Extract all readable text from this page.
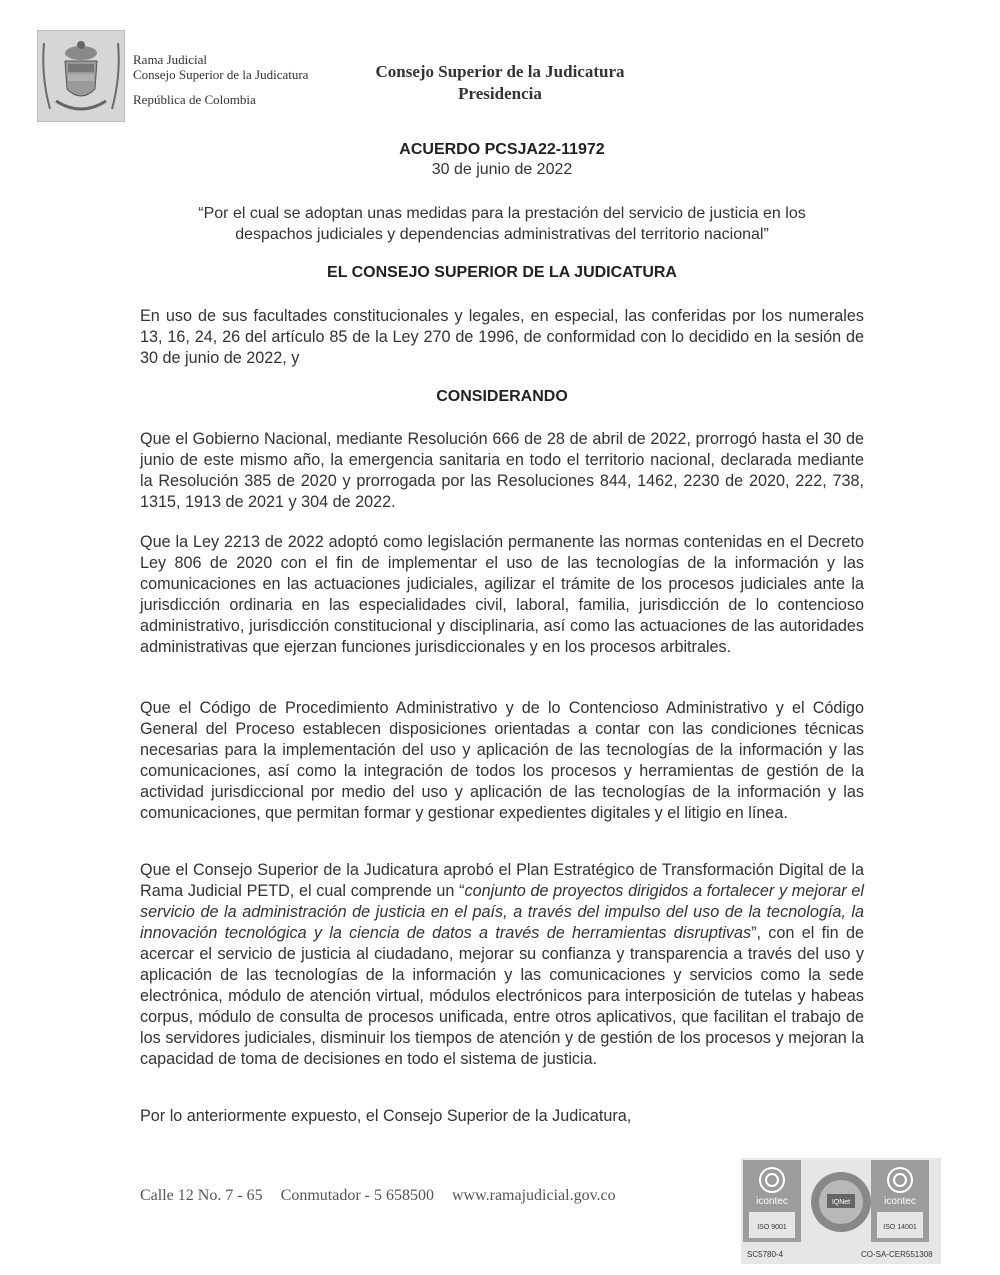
Rama Judicial
Consejo Superior de la Judicatura
República de Colombia
Consejo Superior de la Judicatura
Presidencia
ACUERDO PCSJA22-11972
30 de junio de 2022
“Por el cual se adoptan unas medidas para la prestación del servicio de justicia en los
despachos judiciales y dependencias administrativas del territorio nacional”
EL CONSEJO SUPERIOR DE LA JUDICATURA
En uso de sus facultades constitucionales y legales, en especial, las conferidas por los numerales 13, 16, 24, 26 del artículo 85 de la Ley 270 de 1996, de conformidad con lo decidido en la sesión de 30 de junio de 2022, y
CONSIDERANDO
Que el Gobierno Nacional, mediante Resolución 666 de 28 de abril de 2022, prorrogó hasta el 30 de junio de este mismo año, la emergencia sanitaria en todo el territorio nacional, declarada mediante la Resolución 385 de 2020 y prorrogada por las Resoluciones 844, 1462, 2230 de 2020, 222, 738, 1315, 1913 de 2021 y 304 de 2022.
Que la Ley 2213 de 2022 adoptó como legislación permanente las normas contenidas en el Decreto Ley 806 de 2020 con el fin de implementar el uso de las tecnologías de la información y las comunicaciones en las actuaciones judiciales, agilizar el trámite de los procesos judiciales ante la jurisdicción ordinaria en las especialidades civil, laboral, familia, jurisdicción de lo contencioso administrativo, jurisdicción constitucional y disciplinaria, así como las actuaciones de las autoridades administrativas que ejerzan funciones jurisdiccionales y en los procesos arbitrales.
Que el Código de Procedimiento Administrativo y de lo Contencioso Administrativo y el Código General del Proceso establecen disposiciones orientadas a contar con las condiciones técnicas necesarias para la implementación del uso y aplicación de las tecnologías de la información y las comunicaciones, así como la integración de todos los procesos y herramientas de gestión de la actividad jurisdiccional por medio del uso y aplicación de las tecnologías de la información y las comunicaciones, que permitan formar y gestionar expedientes digitales y el litigio en línea.
Que el Consejo Superior de la Judicatura aprobó el Plan Estratégico de Transformación Digital de la Rama Judicial PETD, el cual comprende un “conjunto de proyectos dirigidos a fortalecer y mejorar el servicio de la administración de justicia en el país, a través del impulso del uso de la tecnología, la innovación tecnológica y la ciencia de datos a través de herramientas disruptivas”, con el fin de acercar el servicio de justicia al ciudadano, mejorar su confianza y transparencia a través del uso y aplicación de las tecnologías de la información y las comunicaciones y servicios como la sede electrónica, módulo de atención virtual, módulos electrónicos para interposición de tutelas y habeas corpus, módulo de consulta de procesos unificada, entre otros aplicativos, que facilitan el trabajo de los servidores judiciales, disminuir los tiempos de atención y de gestión de los procesos y mejoran la capacidad de toma de decisiones en todo el sistema de justicia.
Por lo anteriormente expuesto, el Consejo Superior de la Judicatura,
Calle 12 No. 7 - 65 Conmutador - 5 658500 www.ramajudicial.gov.co	icontec
ISO 9001
IQNet	icontec
ISO 14001
SC5780-4	CO-SA-CER551308
